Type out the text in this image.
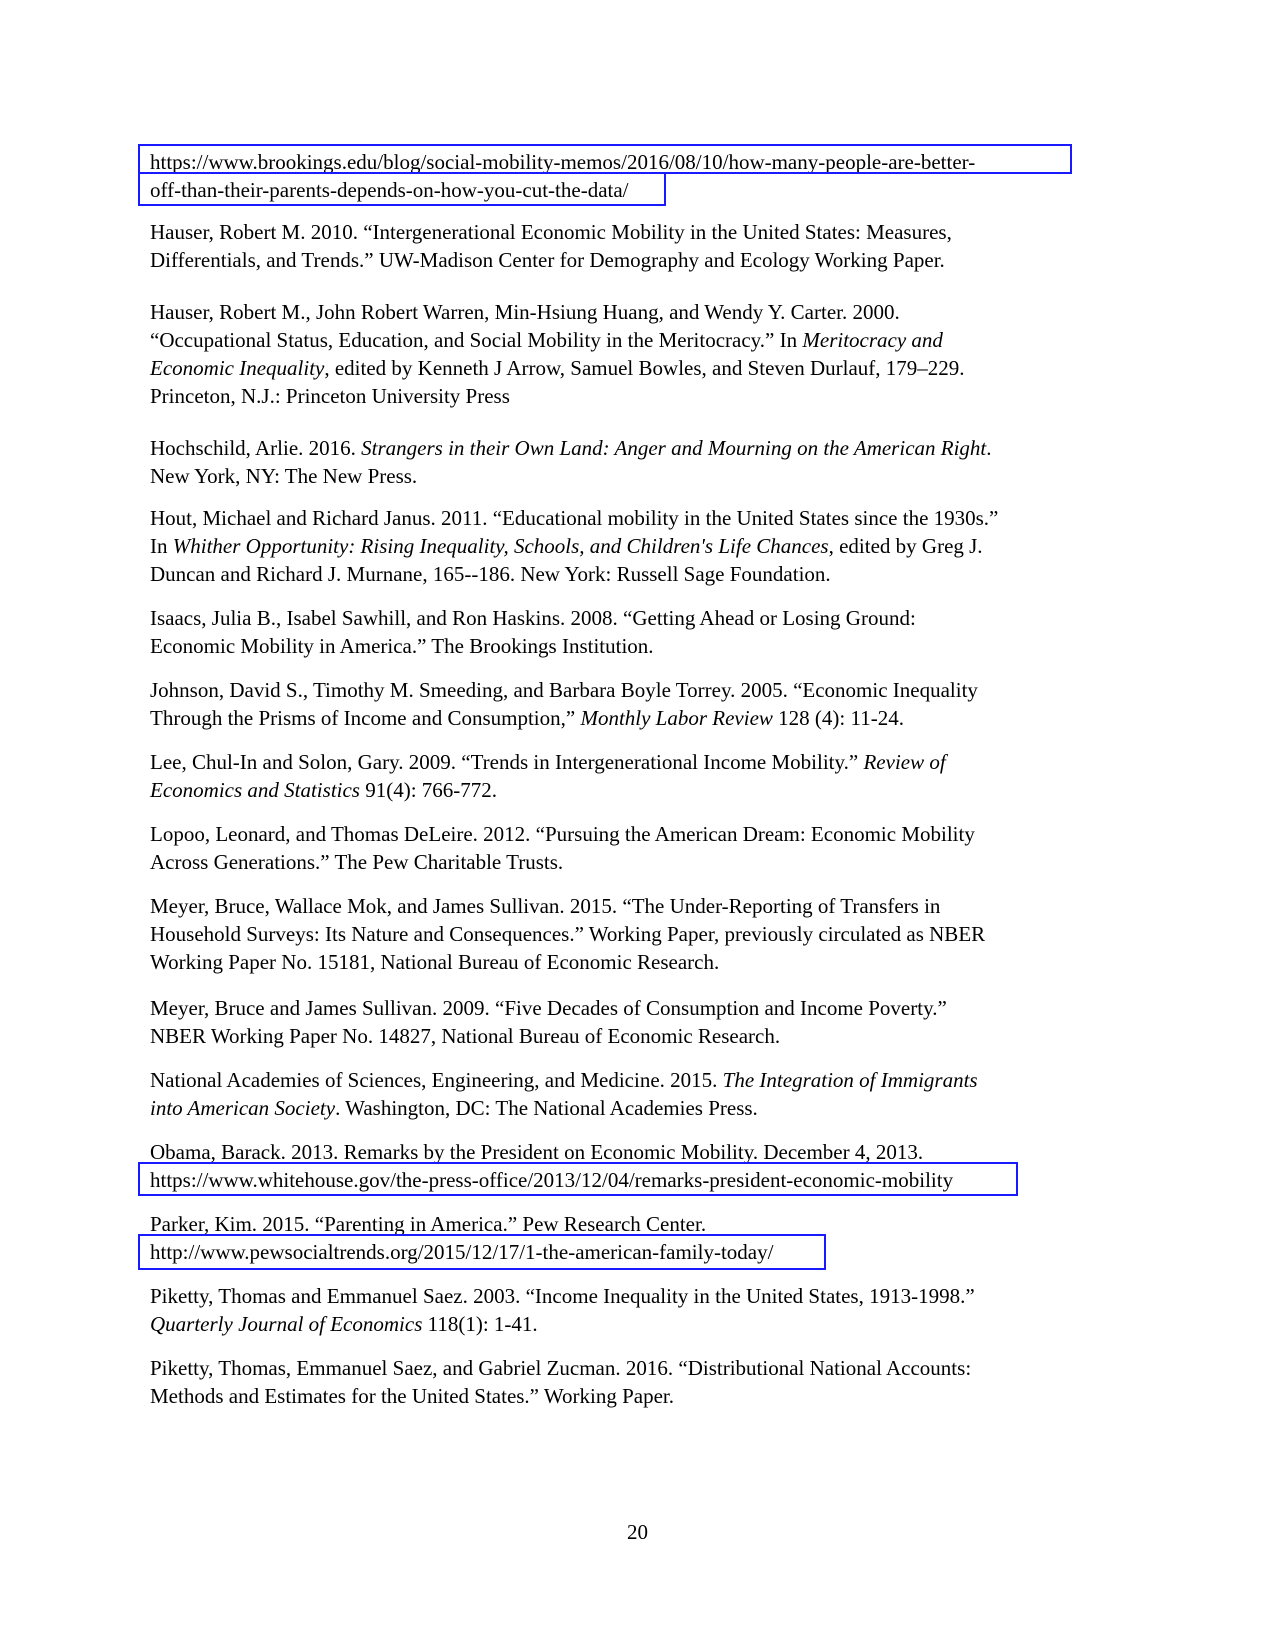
https://www.brookings.edu/blog/social-mobility-memos/2016/08/10/how-many-people-are-better-
off-than-their-parents-depends-on-how-you-cut-the-data/
Hauser, Robert M. 2010. “Intergenerational Economic Mobility in the United States: Measures,
Differentials, and Trends.” UW-Madison Center for Demography and Ecology Working Paper.
Hauser, Robert M., John Robert Warren, Min-Hsiung Huang, and Wendy Y. Carter. 2000.
“Occupational Status, Education, and Social Mobility in the Meritocracy.” In Meritocracy and
Economic Inequality, edited by Kenneth J Arrow, Samuel Bowles, and Steven Durlauf, 179–229.
Princeton, N.J.: Princeton University Press
Hochschild, Arlie. 2016. Strangers in their Own Land: Anger and Mourning on the American Right.
New York, NY: The New Press.
Hout, Michael and Richard Janus. 2011. “Educational mobility in the United States since the 1930s.”
In Whither Opportunity: Rising Inequality, Schools, and Children's Life Chances, edited by Greg J.
Duncan and Richard J. Murnane, 165--186. New York: Russell Sage Foundation.
Isaacs, Julia B., Isabel Sawhill, and Ron Haskins. 2008. “Getting Ahead or Losing Ground:
Economic Mobility in America.” The Brookings Institution.
Johnson, David S., Timothy M. Smeeding, and Barbara Boyle Torrey. 2005. “Economic Inequality
Through the Prisms of Income and Consumption,” Monthly Labor Review 128 (4): 11-24.
Lee, Chul-In and Solon, Gary. 2009. “Trends in Intergenerational Income Mobility.” Review of
Economics and Statistics 91(4): 766-772.
Lopoo, Leonard, and Thomas DeLeire. 2012. “Pursuing the American Dream: Economic Mobility
Across Generations.” The Pew Charitable Trusts.
Meyer, Bruce, Wallace Mok, and James Sullivan. 2015. “The Under-Reporting of Transfers in
Household Surveys: Its Nature and Consequences.” Working Paper, previously circulated as NBER
Working Paper No. 15181, National Bureau of Economic Research.
Meyer, Bruce and James Sullivan. 2009. “Five Decades of Consumption and Income Poverty.”
NBER Working Paper No. 14827, National Bureau of Economic Research.
National Academies of Sciences, Engineering, and Medicine. 2015. The Integration of Immigrants
into American Society. Washington, DC: The National Academies Press.
Obama, Barack. 2013. Remarks by the President on Economic Mobility. December 4, 2013.
https://www.whitehouse.gov/the-press-office/2013/12/04/remarks-president-economic-mobility
Parker, Kim. 2015. “Parenting in America.” Pew Research Center.
http://www.pewsocialtrends.org/2015/12/17/1-the-american-family-today/
Piketty, Thomas and Emmanuel Saez. 2003. “Income Inequality in the United States, 1913-1998.”
Quarterly Journal of Economics 118(1): 1-41.
Piketty, Thomas, Emmanuel Saez, and Gabriel Zucman. 2016. “Distributional National Accounts:
Methods and Estimates for the United States.” Working Paper.
20
